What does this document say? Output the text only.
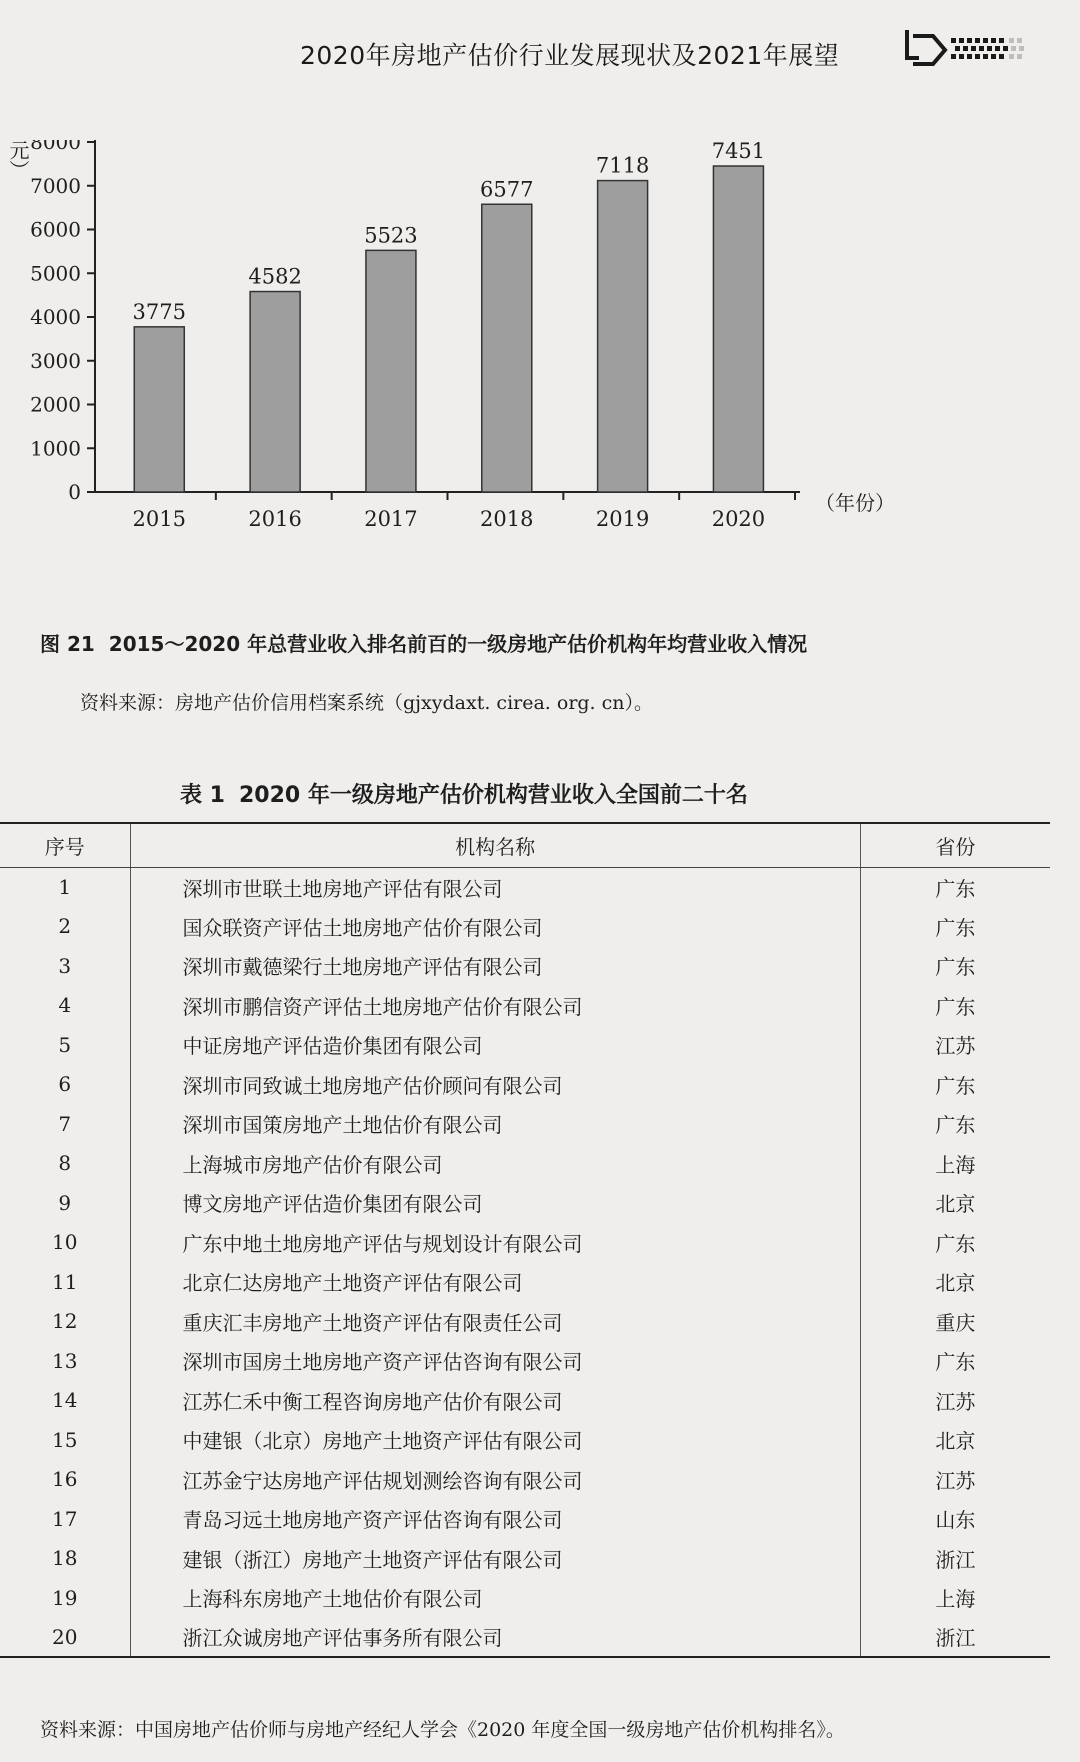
2020年房地产估价行业发展现状及2021年展望
（万元）
0
1000
2000
3000
4000
5000
6000
7000
8000
3775
4582
5523
6577
7118
7451
2015	2016	2017	2018	2019	2020
（年份）
图 21 2015～2020 年总营业收入排名前百的一级房地产估价机构年均营业收入情况
资料来源：房地产估价信用档案系统（gjxydaxt. cirea. org. cn）。
表 1 2020 年一级房地产估价机构营业收入全国前二十名
序号	机构名称	省份
1	深圳市世联土地房地产评估有限公司	广东
2	国众联资产评估土地房地产估价有限公司	广东
3	深圳市戴德梁行土地房地产评估有限公司	广东
4	深圳市鹏信资产评估土地房地产估价有限公司	广东
5	中证房地产评估造价集团有限公司	江苏
6	深圳市同致诚土地房地产估价顾问有限公司	广东
7	深圳市国策房地产土地估价有限公司	广东
8	上海城市房地产估价有限公司	上海
9	博文房地产评估造价集团有限公司	北京
10	广东中地土地房地产评估与规划设计有限公司	广东
11	北京仁达房地产土地资产评估有限公司	北京
12	重庆汇丰房地产土地资产评估有限责任公司	重庆
13	深圳市国房土地房地产资产评估咨询有限公司	广东
14	江苏仁禾中衡工程咨询房地产估价有限公司	江苏
15	中建银（北京）房地产土地资产评估有限公司	北京
16	江苏金宁达房地产评估规划测绘咨询有限公司	江苏
17	青岛习远土地房地产资产评估咨询有限公司	山东
18	建银（浙江）房地产土地资产评估有限公司	浙江
19	上海科东房地产土地估价有限公司	上海
20	浙江众诚房地产评估事务所有限公司	浙江
资料来源：中国房地产估价师与房地产经纪人学会《2020 年度全国一级房地产估价机构排名》。
